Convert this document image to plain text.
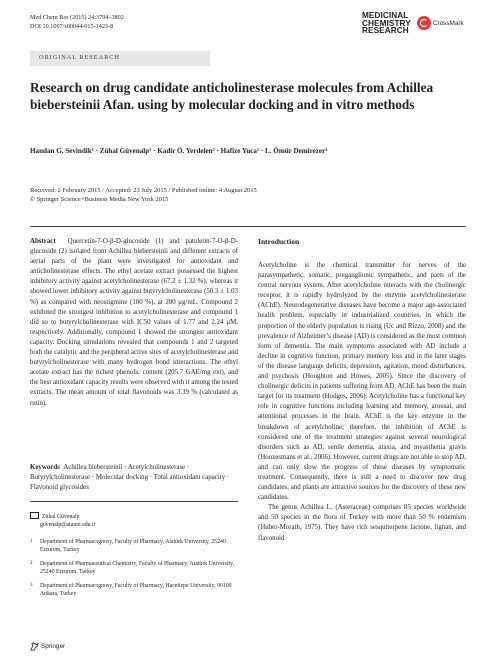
Med Chem Res (2015) 24:3794–3802
DOI 10.1007/s00044-015-1423-8
MEDICINAL
CHEMISTRY
RESEARCH
CrossMark
ORIGINAL RESEARCH
Research on drug candidate anticholinesterase molecules from Achillea biebersteinii Afan. using by molecular docking and in vitro methods
Handan G. Sevindik¹ · Zühal Güvenalp¹ · Kadir Ö. Yerdelen² · Hafize Yuca¹ · L. Ömür Demirezer³
Received: 2 February 2015 / Accepted: 23 July 2015 / Published online: 4 August 2015
© Springer Science+Business Media New York 2015

Abstract Quercetin-7-O-β-D-glucoside (1) and patuletin-7-O-β-D-glucoside (2) isolated from Achillea biebersteinii and different extracts of aerial parts of the plant were investigated for antioxidant and anticholinesterase effects. The ethyl acetate extract possessed the highest inhibitory activity against acetylcholinesterase (67.2 ± 1.32 %), whereas it showed lower inhibitory activity against butyrylcholinesterase (50.3 ± 1.03 %) as compared with neostigmine (100 %), at 200 μg/mL. Compound 2 exhibited the strongest inhibition to acetylcholinesterase and compound 1 did so to butyrylcholinesterase with IC50 values of 1.77 and 2.24 μM, respectively. Additionally, compound 1 showed the strongest antioxidant capacity. Docking simulations revealed that compounds 1 and 2 targeted both the catalytic and the peripheral active sites of acetylcholinesterase and butyrylcholinesterase with many hydrogen bond interactions. The ethyl acetate extract has the richest phenolic content (205.7 GAE/mg ext), and the best antioxidant capacity results were observed with it among the tested extracts. The mean amount of total flavonoids was 3.39 % (calculated as rutin).

Keywords Achillea biebersteinii · Acetylcholinesterase · Butyrylcholinesterase · Molecular docking · Total antioxidant capacity · Flavonoid glycosides
Zühal Güvenalp
guvenalp@atauni.edu.tr
1 Department of Pharmacognosy, Faculty of Pharmacy, Atatürk University, 25240 Erzurum, Turkey
2 Department of Pharmaceutical Chemistry, Faculty of Pharmacy, Atatürk University, 25240 Erzurum, Turkey
3 Department of Pharmacognosy, Faculty of Pharmacy, Hacettepe University, 06100 Ankara, Turkey
Springer
Introduction

Acetylcholine is the chemical transmitter for nerves of the parasympathetic, somatic, preganglionic sympathetic, and parts of the central nervous system. After acetylcholine interacts with the cholinergic receptor, it is rapidly hydrolyzed by the enzyme acetylcholinesterase (AChE). Neurodegenerative diseases have become a major age-associated health problem, especially in industrialized countries, in which the proportion of the elderly population is rising (Uc and Rizzo, 2008) and the prevalence of Alzheimer’s disease (AD) is considered as the most common form of dementia. The main symptoms associated with AD include a decline in cognitive function, primary memory loss and in the later stages of the disease language deficits, depression, agitation, mood disturbances, and psychosis (Houghton and Howes, 2005). Since the discovery of cholinergic deficits in patients suffering from AD, AChE has been the main target for its treatment (Hodges, 2006). Acetylcholine has a functional key role in cognitive functions including learning and memory, arousal, and attentional processes in the brain. AChE is the key enzyme in the breakdown of acetylcholine; therefore, the inhibition of AChE is considered one of the treatment strategies against several neurological disorders such as AD, senile dementia, ataxia, and myasthenia gravis (Hoozesmans et al., 2006). However, current drugs are not able to stop AD, and can only slow the progress of these diseases by symptomatic treatment. Consequently, there is still a need to discover new drug candidates, and plants are attractive sources for the discovery of these new candidates.

The genus Achillea L. (Asteraceae) comprises 85 species worldwide and 50 species in the flora of Turkey with more than 50 % endemism (Huber-Morath, 1975). They have rich sesquiterpene lactone, lignan, and flavonoid
